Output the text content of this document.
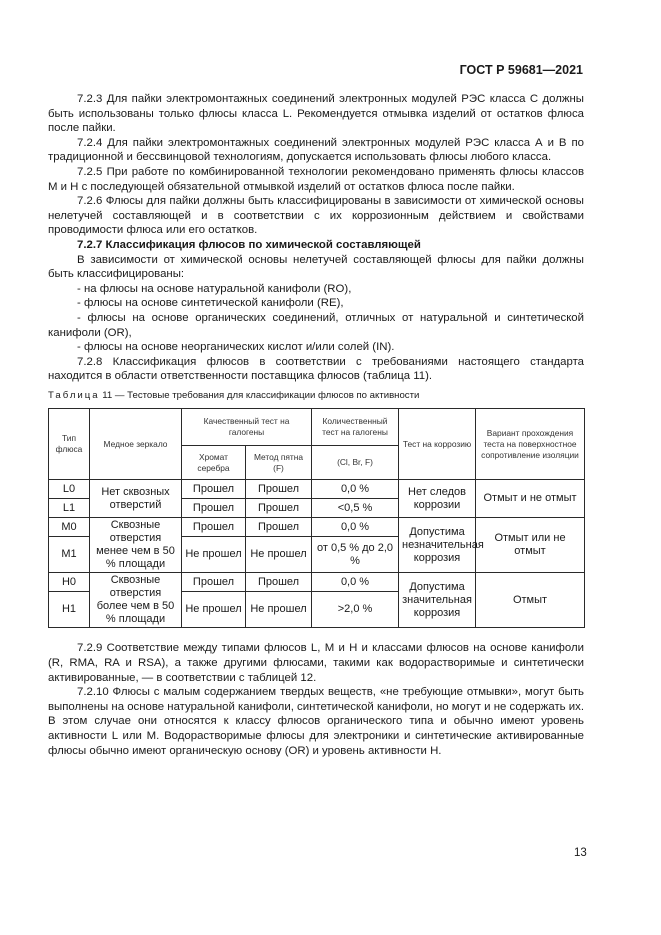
ГОСТ Р 59681—2021

7.2.3 Для пайки электромонтажных соединений электронных модулей РЭС класса С должны быть использованы только флюсы класса L. Рекомендуется отмывка изделий от остатков флюса после пайки.

7.2.4 Для пайки электромонтажных соединений электронных модулей РЭС класса А и В по традиционной и бессвинцовой технологиям, допускается использовать флюсы любого класса.

7.2.5 При работе по комбинированной технологии рекомендовано применять флюсы классов М и Н с последующей обязательной отмывкой изделий от остатков флюса после пайки.

7.2.6 Флюсы для пайки должны быть классифицированы в зависимости от химической основы нелетучей составляющей и в соответствии с их коррозионным действием и свойствами проводимости флюса или его остатков.

7.2.7 Классификация флюсов по химической составляющей

В зависимости от химической основы нелетучей составляющей флюсы для пайки должны быть классифицированы:

- на флюсы на основе натуральной канифоли (RO),

- флюсы на основе синтетической канифоли (RE),

- флюсы на основе органических соединений, отличных от натуральной и синтетической канифоли (OR),

- флюсы на основе неорганических кислот и/или солей (IN).

7.2.8 Классификация флюсов в соответствии с требованиями настоящего стандарта находится в области ответственности поставщика флюсов (таблица 11).

Таблица 11 — Тестовые требования для классификации флюсов по активности

Тип флюса	Медное зеркало	Качественный тест на галогены		Количественный тест на галогены	Тест на коррозию	Вариант прохождения теста на поверхностное сопротивление изоляции
		Хромат серебра	Метод пятна (F)	(Cl, Br, F)		
L0	Нет сквозных отверстий	Прошел	Прошел	0,0 %	Нет следов коррозии	Отмыт и не отмыт
L1		Прошел	Прошел	<0,5 %		
M0	Сквозные отверстия менее чем в 50 % площади	Прошел	Прошел	0,0 %	Допустима незначительная коррозия	Отмыт или не отмыт
M1		Не прошел	Не прошел	от 0,5 % до 2,0 %		
H0	Сквозные отверстия более чем в 50 % площади	Прошел	Прошел	0,0 %	Допустима значительная коррозия	Отмыт
H1		Не прошел	Не прошел	>2,0 %		

7.2.9 Соответствие между типами флюсов L, М и Н и классами флюсов на основе канифоли (R, RMA, RA и RSA), а также другими флюсами, такими как водорастворимые и синтетически активированные, — в соответствии с таблицей 12.

7.2.10 Флюсы с малым содержанием твердых веществ, «не требующие отмывки», могут быть выполнены на основе натуральной канифоли, синтетической канифоли, но могут и не содержать их. В этом случае они относятся к классу флюсов органического типа и обычно имеют уровень активности L или М. Водорастворимые флюсы для электроники и синтетические активированные флюсы обычно имеют органическую основу (OR) и уровень активности Н.

13
